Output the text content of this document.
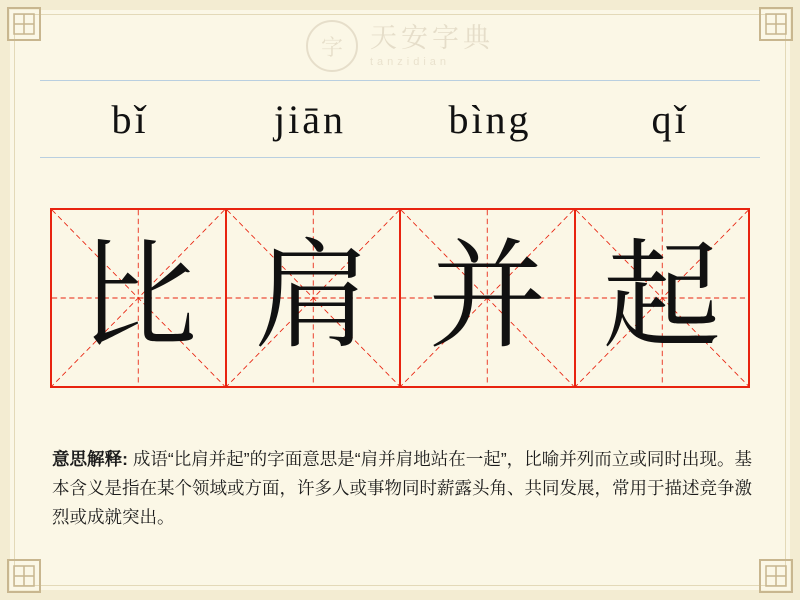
字	天安字典
tanzidian
bǐ	jiān	bìng	qǐ
比 肩 并 起
意思解释: 成语“比肩并起”的字面意思是“肩并肩地站在一起”，比喻并列而立或同时出现。基本含义是指在某个领域或方面，许多人或事物同时薪露头角、共同发展，常用于描述竞争激烈或成就突出。
